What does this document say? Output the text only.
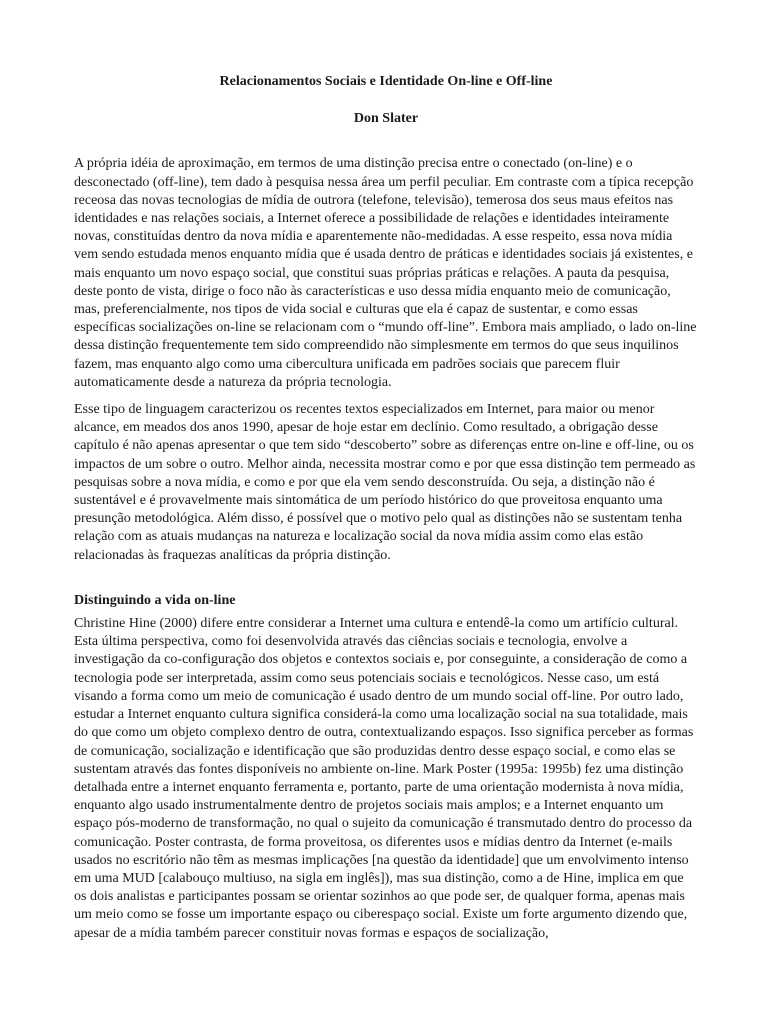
Relacionamentos Sociais e Identidade On-line e Off-line

Don Slater

A própria idéia de aproximação, em termos de uma distinção precisa entre o conectado (on-line) e o desconectado (off-line), tem dado à pesquisa nessa área um perfil peculiar. Em contraste com a típica recepção receosa das novas tecnologias de mídia de outrora (telefone, televisão), temerosa dos seus maus efeitos nas identidades e nas relações sociais, a Internet oferece a possibilidade de relações e identidades inteiramente novas, constituídas dentro da nova mídia e aparentemente não-medidadas. A esse respeito, essa nova mídia vem sendo estudada menos enquanto mídia que é usada dentro de práticas e identidades sociais já existentes, e mais enquanto um novo espaço social, que constitui suas próprias práticas e relações. A pauta da pesquisa, deste ponto de vista, dirige o foco não às características e uso dessa mídia enquanto meio de comunicação, mas, preferencialmente, nos tipos de vida social e culturas que ela é capaz de sustentar, e como essas específicas socializações on-line se relacionam com o “mundo off-line”. Embora mais ampliado, o lado on-line dessa distinção frequentemente tem sido compreendido não simplesmente em termos do que seus inquilinos fazem, mas enquanto algo como uma cibercultura unificada em padrões sociais que parecem fluir automaticamente desde a natureza da própria tecnologia.

Esse tipo de linguagem caracterizou os recentes textos especializados em Internet, para maior ou menor alcance, em meados dos anos 1990, apesar de hoje estar em declínio. Como resultado, a obrigação desse capítulo é não apenas apresentar o que tem sido “descoberto” sobre as diferenças entre on-line e off-line, ou os impactos de um sobre o outro. Melhor ainda, necessita mostrar como e por que essa distinção tem permeado as pesquisas sobre a nova mídia, e como e por que ela vem sendo desconstruída. Ou seja, a distinção não é sustentável e é provavelmente mais sintomática de um período histórico do que proveitosa enquanto uma presunção metodológica. Além disso, é possível que o motivo pelo qual as distinções não se sustentam tenha relação com as atuais mudanças na natureza e localização social da nova mídia assim como elas estão relacionadas às fraquezas analíticas da própria distinção.

Distinguindo a vida on-line

Christine Hine (2000) difere entre considerar a Internet uma cultura e entendê-la como um artifício cultural. Esta última perspectiva, como foi desenvolvida através das ciências sociais e tecnologia, envolve a investigação da co-configuração dos objetos e contextos sociais e, por conseguinte, a consideração de como a tecnologia pode ser interpretada, assim como seus potenciais sociais e tecnológicos. Nesse caso, um está visando a forma como um meio de comunicação é usado dentro de um mundo social off-line. Por outro lado, estudar a Internet enquanto cultura significa considerá-la como uma localização social na sua totalidade, mais do que como um objeto complexo dentro de outra, contextualizando espaços. Isso significa perceber as formas de comunicação, socialização e identificação que são produzidas dentro desse espaço social, e como elas se sustentam através das fontes disponíveis no ambiente on-line. Mark Poster (1995a: 1995b) fez uma distinção detalhada entre a internet enquanto ferramenta e, portanto, parte de uma orientação modernista à nova mídia, enquanto algo usado instrumentalmente dentro de projetos sociais mais amplos; e a Internet enquanto um espaço pós-moderno de transformação, no qual o sujeito da comunicação é transmutado dentro do processo da comunicação. Poster contrasta, de forma proveitosa, os diferentes usos e mídias dentro da Internet (e-mails usados no escritório não têm as mesmas implicações [na questão da identidade] que um envolvimento intenso em uma MUD [calabouço multiuso, na sigla em inglês]), mas sua distinção, como a de Hine, implica em que os dois analistas e participantes possam se orientar sozinhos ao que pode ser, de qualquer forma, apenas mais um meio como se fosse um importante espaço ou ciberespaço social. Existe um forte argumento dizendo que, apesar de a mídia também parecer constituir novas formas e espaços de socialização,
